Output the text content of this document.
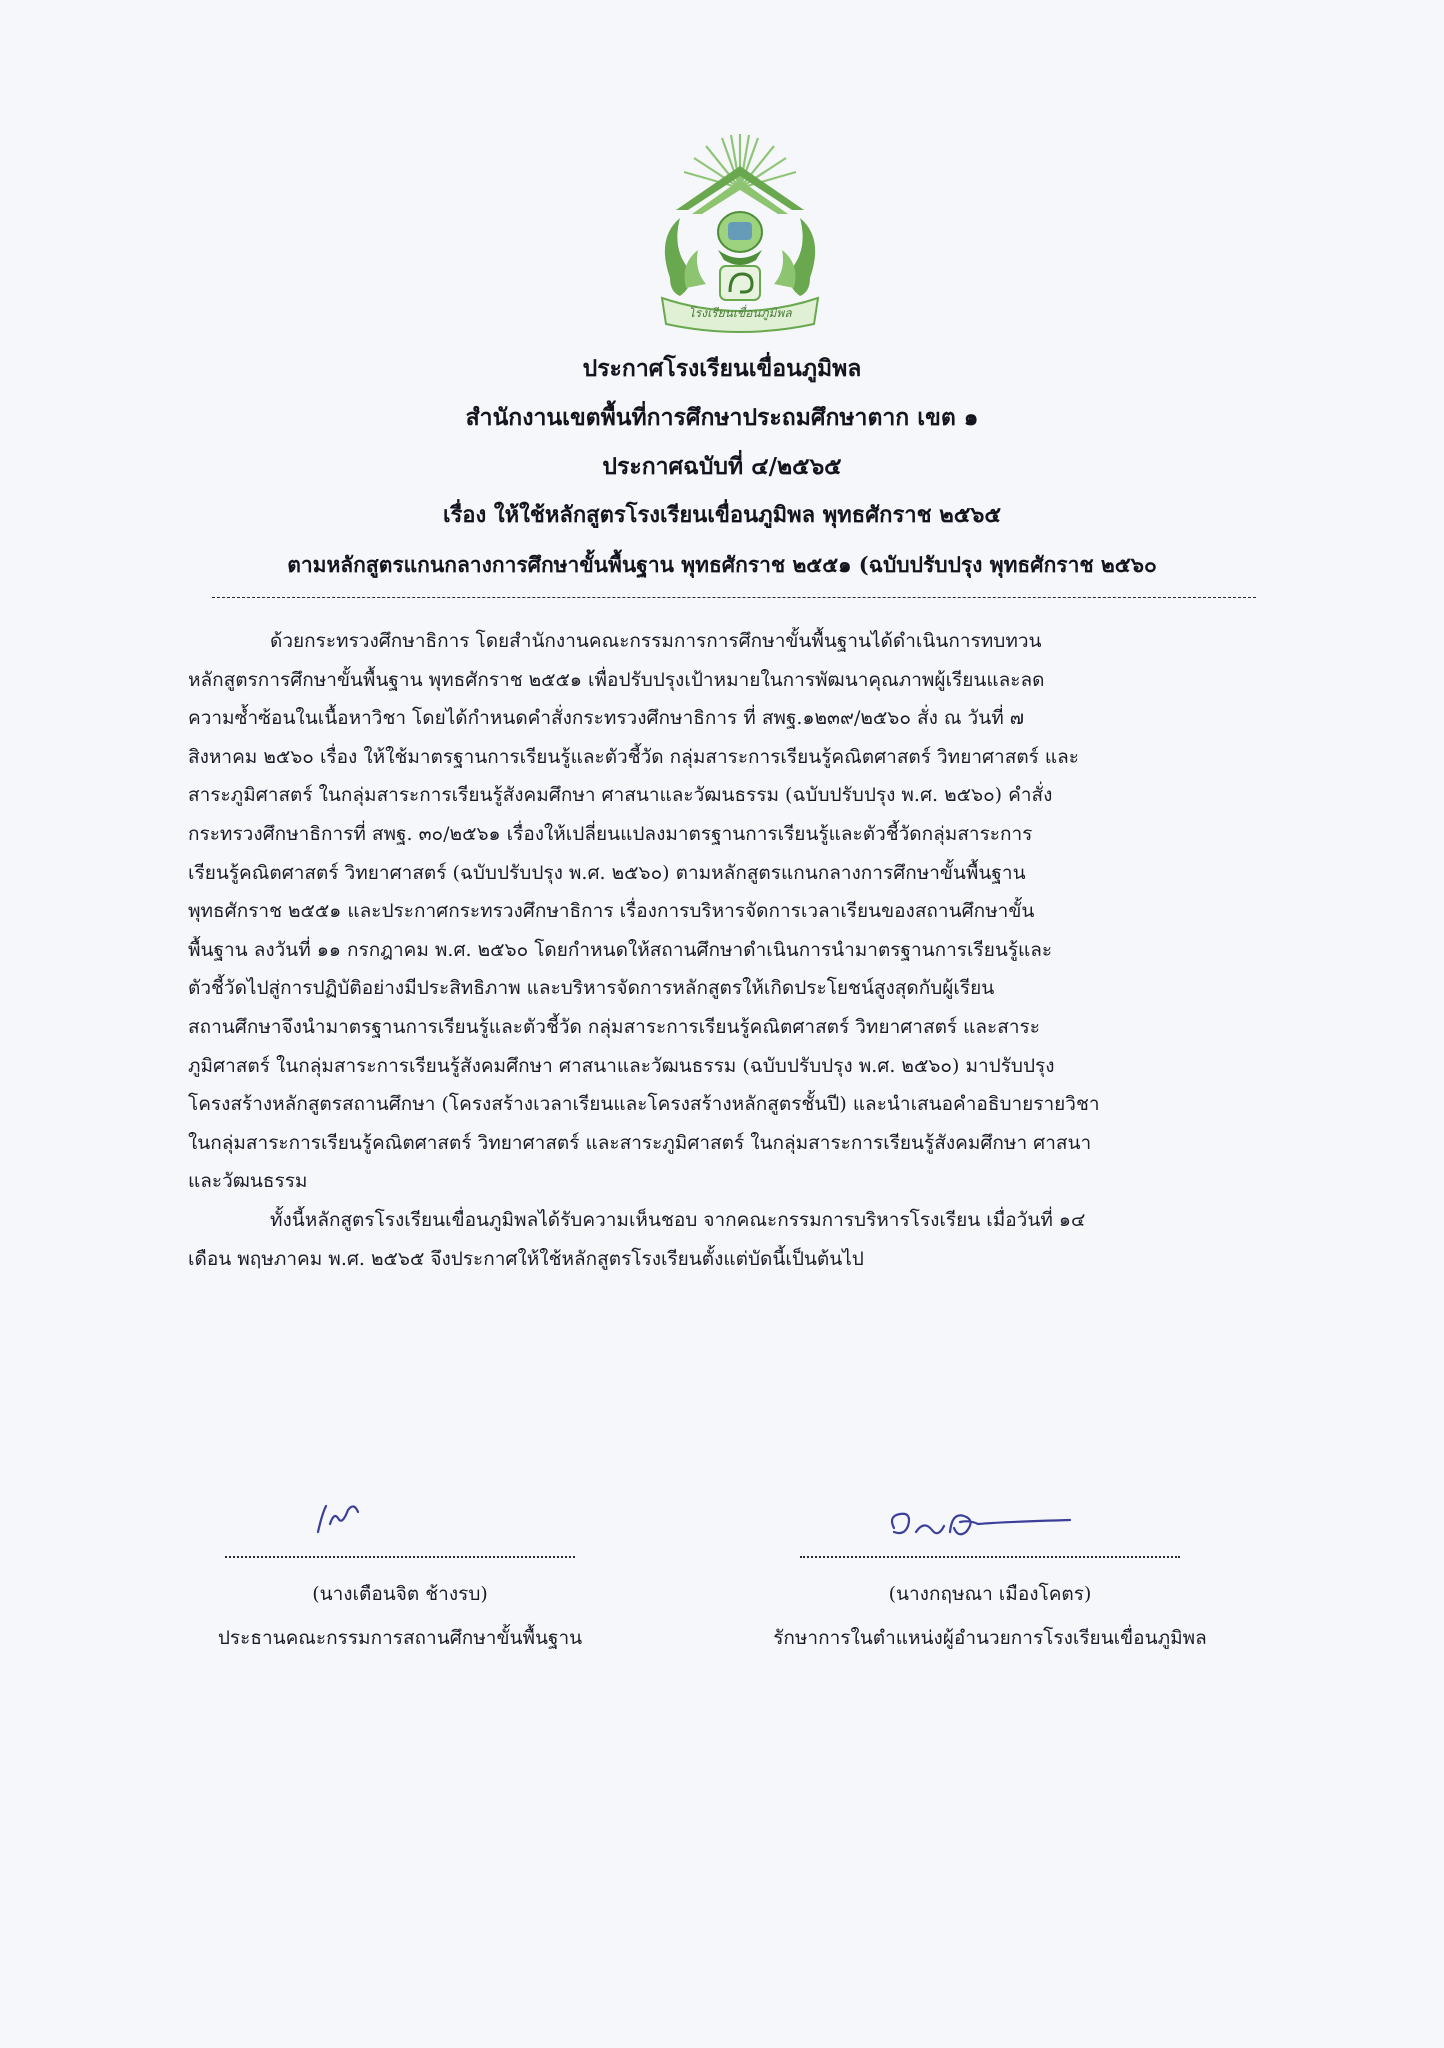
โรงเรียนเขื่อนภูมิพล
ประกาศโรงเรียนเขื่อนภูมิพล
สำนักงานเขตพื้นที่การศึกษาประถมศึกษาตาก เขต ๑
ประกาศฉบับที่ ๔/๒๕๖๕
เรื่อง ให้ใช้หลักสูตรโรงเรียนเขื่อนภูมิพล พุทธศักราช ๒๕๖๕
ตามหลักสูตรแกนกลางการศึกษาขั้นพื้นฐาน พุทธศักราช ๒๕๕๑ (ฉบับปรับปรุง พุทธศักราช ๒๕๖๐
ด้วยกระทรวงศึกษาธิการ โดยสำนักงานคณะกรรมการการศึกษาขั้นพื้นฐานได้ดำเนินการทบทวน
หลักสูตรการศึกษาขั้นพื้นฐาน พุทธศักราช ๒๕๕๑ เพื่อปรับปรุงเป้าหมายในการพัฒนาคุณภาพผู้เรียนและลด
ความซ้ำซ้อนในเนื้อหาวิชา โดยได้กำหนดคำสั่งกระทรวงศึกษาธิการ ที่ สพฐ.๑๒๓๙/๒๕๖๐ สั่ง ณ วันที่ ๗
สิงหาคม ๒๕๖๐ เรื่อง ให้ใช้มาตรฐานการเรียนรู้และตัวชี้วัด กลุ่มสาระการเรียนรู้คณิตศาสตร์ วิทยาศาสตร์ และ
สาระภูมิศาสตร์ ในกลุ่มสาระการเรียนรู้สังคมศึกษา ศาสนาและวัฒนธรรม (ฉบับปรับปรุง พ.ศ. ๒๕๖๐) คำสั่ง
กระทรวงศึกษาธิการที่ สพฐ. ๓๐/๒๕๖๑ เรื่องให้เปลี่ยนแปลงมาตรฐานการเรียนรู้และตัวชี้วัดกลุ่มสาระการ
เรียนรู้คณิตศาสตร์ วิทยาศาสตร์ (ฉบับปรับปรุง พ.ศ. ๒๕๖๐) ตามหลักสูตรแกนกลางการศึกษาขั้นพื้นฐาน
พุทธศักราช ๒๕๕๑ และประกาศกระทรวงศึกษาธิการ เรื่องการบริหารจัดการเวลาเรียนของสถานศึกษาขั้น
พื้นฐาน ลงวันที่ ๑๑ กรกฎาคม พ.ศ. ๒๕๖๐ โดยกำหนดให้สถานศึกษาดำเนินการนำมาตรฐานการเรียนรู้และ
ตัวชี้วัดไปสู่การปฏิบัติอย่างมีประสิทธิภาพ และบริหารจัดการหลักสูตรให้เกิดประโยชน์สูงสุดกับผู้เรียน
สถานศึกษาจึงนำมาตรฐานการเรียนรู้และตัวชี้วัด กลุ่มสาระการเรียนรู้คณิตศาสตร์ วิทยาศาสตร์ และสาระ
ภูมิศาสตร์ ในกลุ่มสาระการเรียนรู้สังคมศึกษา ศาสนาและวัฒนธรรม (ฉบับปรับปรุง พ.ศ. ๒๕๖๐) มาปรับปรุง
โครงสร้างหลักสูตรสถานศึกษา (โครงสร้างเวลาเรียนและโครงสร้างหลักสูตรชั้นปี) และนำเสนอคำอธิบายรายวิชา
ในกลุ่มสาระการเรียนรู้คณิตศาสตร์ วิทยาศาสตร์ และสาระภูมิศาสตร์ ในกลุ่มสาระการเรียนรู้สังคมศึกษา ศาสนา
และวัฒนธรรม
ทั้งนี้หลักสูตรโรงเรียนเขื่อนภูมิพลได้รับความเห็นชอบ จากคณะกรรมการบริหารโรงเรียน เมื่อวันที่ ๑๔
เดือน พฤษภาคม พ.ศ. ๒๕๖๕ จึงประกาศให้ใช้หลักสูตรโรงเรียนตั้งแต่บัดนี้เป็นต้นไป
(นางเตือนจิต ช้างรบ)
ประธานคณะกรรมการสถานศึกษาขั้นพื้นฐาน
(นางกฤษณา เมืองโคตร)
รักษาการในตำแหน่งผู้อำนวยการโรงเรียนเขื่อนภูมิพล
